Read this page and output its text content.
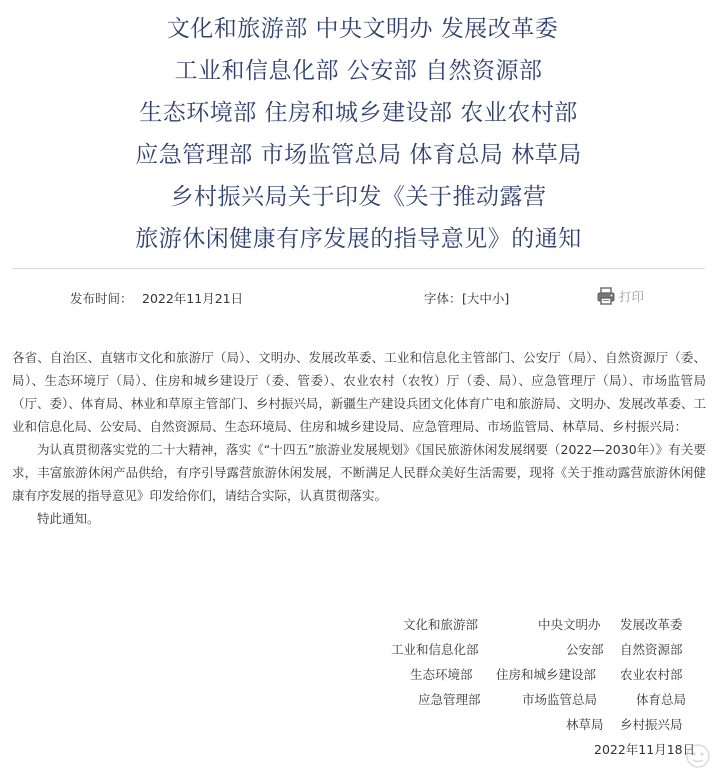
文化和旅游部 中央文明办 发展改革委
工业和信息化部 公安部 自然资源部
生态环境部 住房和城乡建设部 农业农村部
应急管理部 市场监管总局 体育总局 林草局
乡村振兴局关于印发《关于推动露营
旅游休闲健康有序发展的指导意见》的通知
发布时间： 2022年11月21日	字体： [大中小]	打印

各省、自治区、直辖市文化和旅游厅（局）、文明办、发展改革委、工业和信息化主管部门、公安厅（局）、自然资源厅（委、局）、生态环境厅（局）、住房和城乡建设厅（委、管委）、农业农村（农牧）厅（委、局）、应急管理厅（局）、市场监管局（厅、委）、体育局、林业和草原主管部门、乡村振兴局，新疆生产建设兵团文化体育广电和旅游局、文明办、发展改革委、工业和信息化局、公安局、自然资源局、生态环境局、住房和城乡建设局、应急管理局、市场监管局、林草局、乡村振兴局：

为认真贯彻落实党的二十大精神，落实《“十四五”旅游业发展规划》《国民旅游休闲发展纲要（2022—2030年）》有关要求，丰富旅游休闲产品供给，有序引导露营旅游休闲发展，不断满足人民群众美好生活需要，现将《关于推动露营旅游休闲健康有序发展的指导意见》印发给你们，请结合实际，认真贯彻落实。

特此通知。

文化和旅游部	中央文明办 发展改革委
工业和信息化部	公安部 自然资源部
生态环境部 住房和城乡建设部 农业农村部
应急管理部	市场监管总局	体育总局
林草局 乡村振兴局
2022年11月18日
